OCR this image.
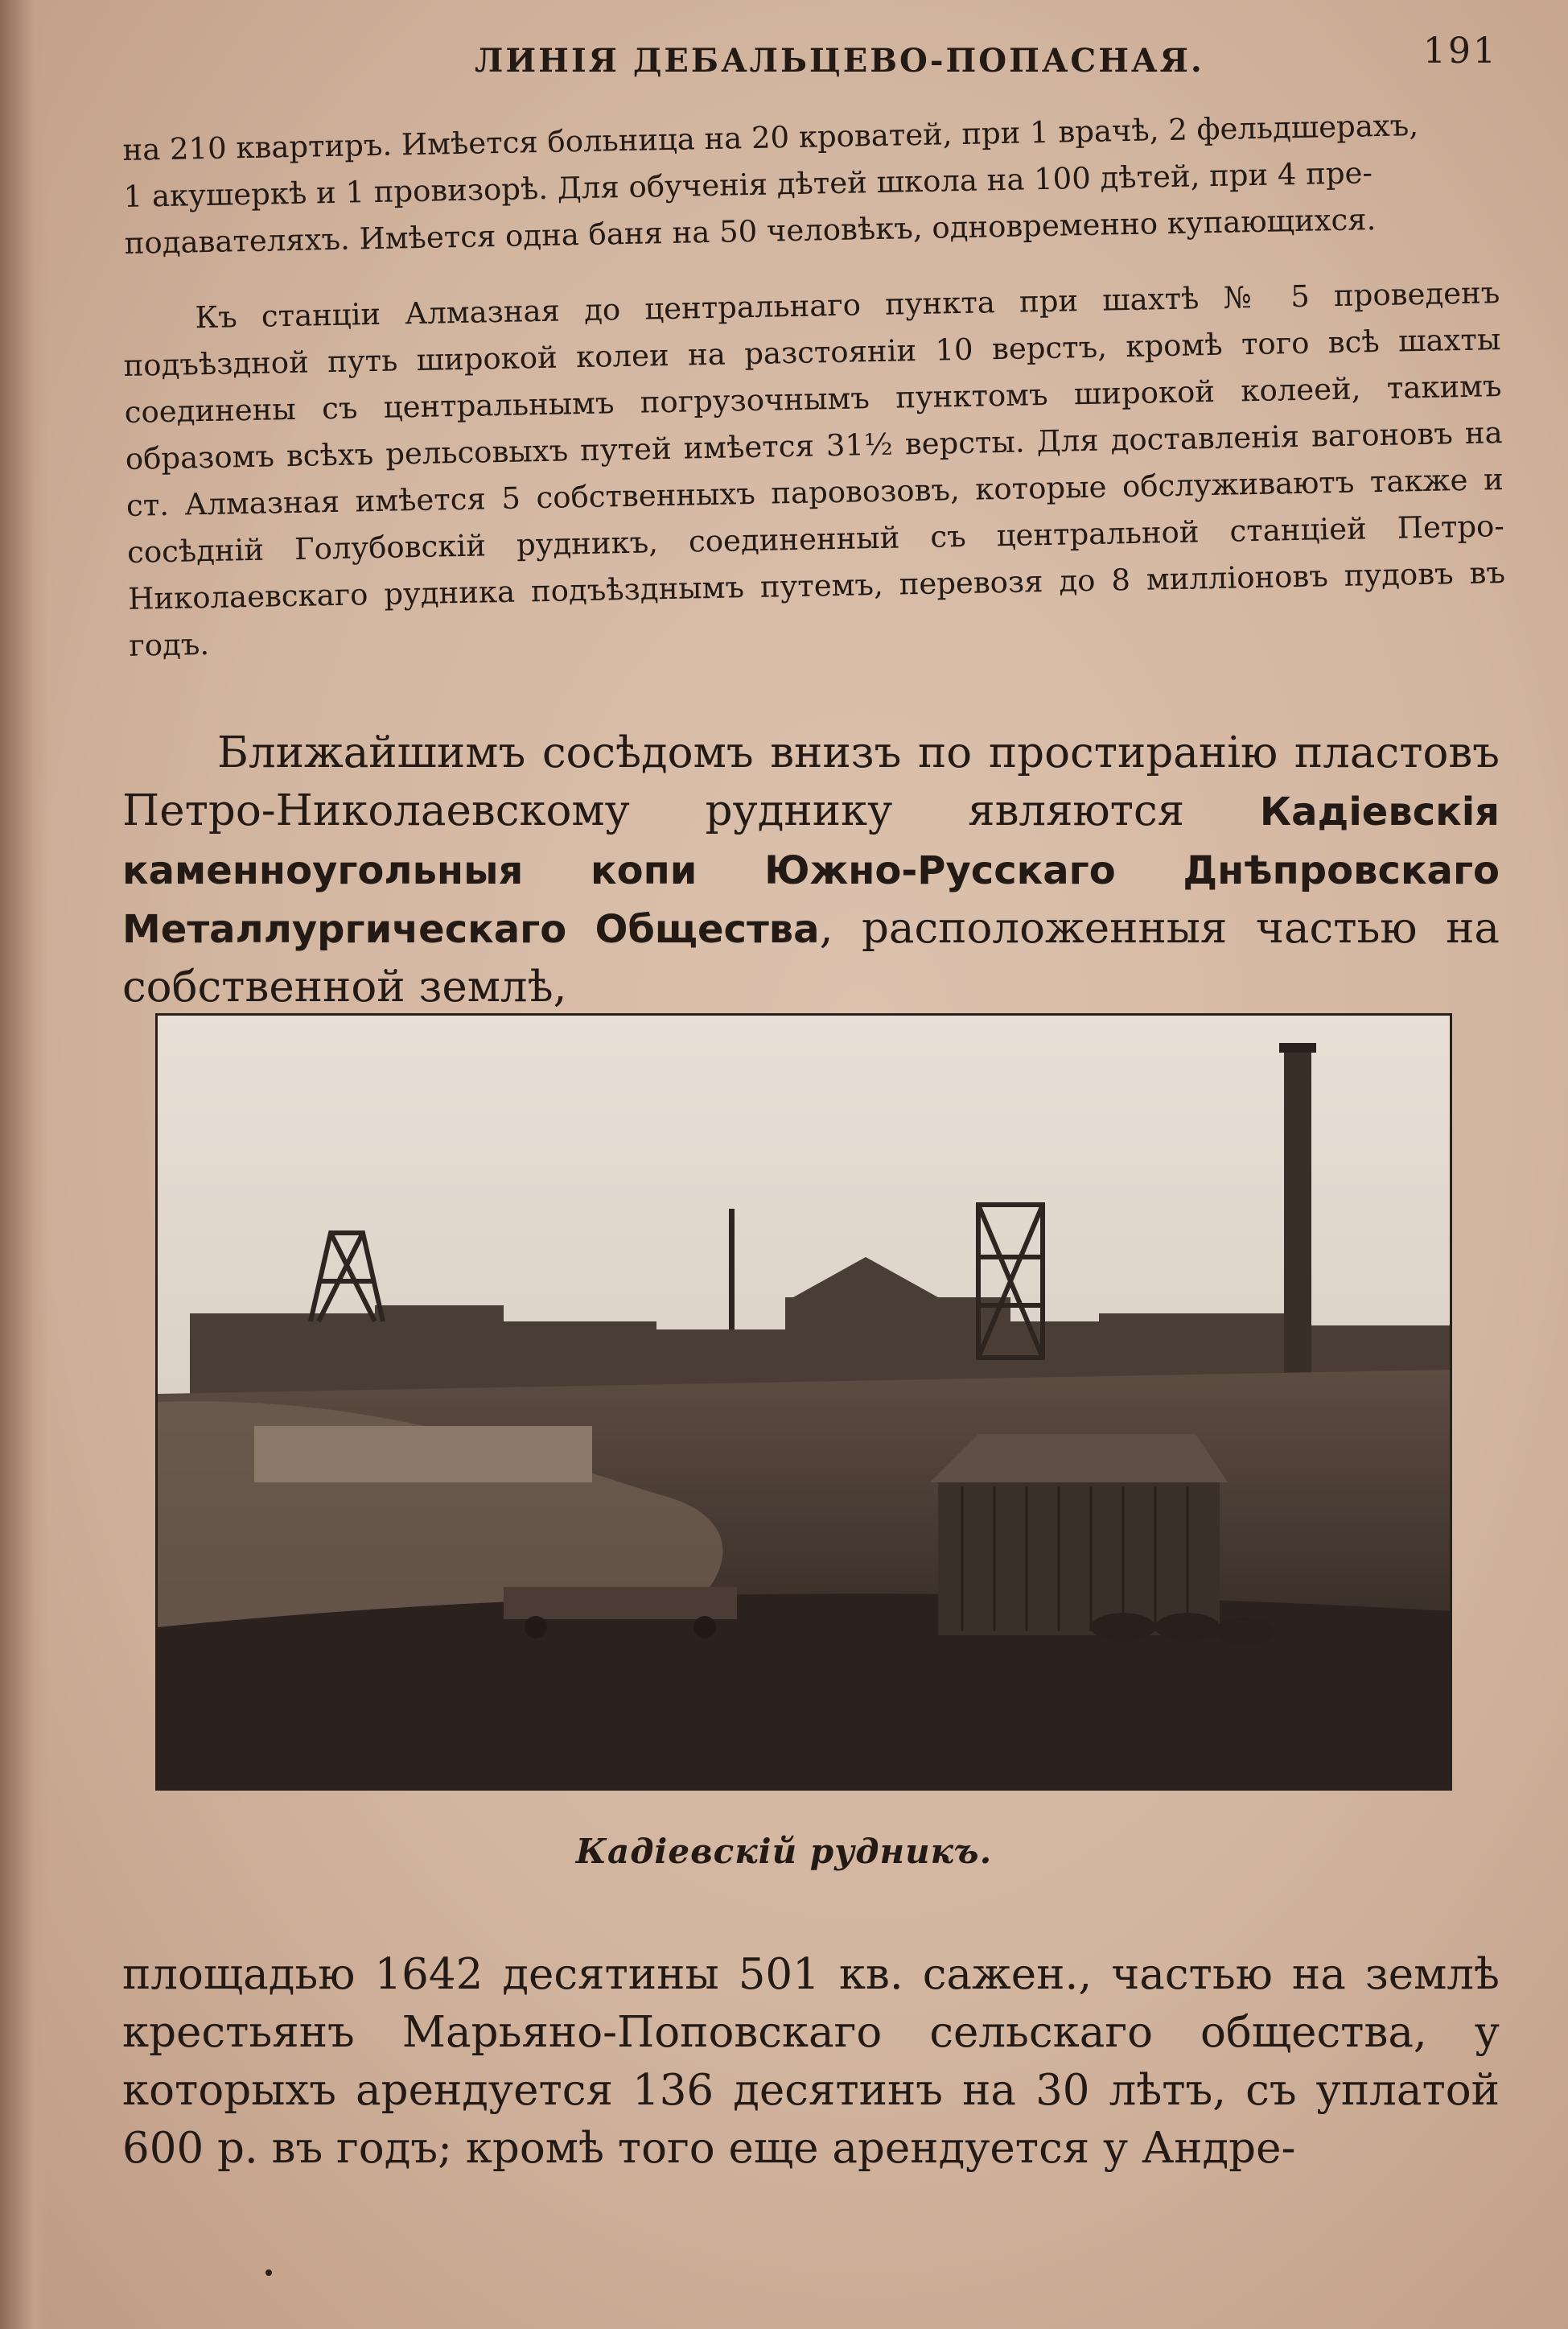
ЛИНІЯ ДЕБАЛЬЦЕВО-ПОПАСНАЯ.	191

на 210 квартиръ. Имѣется больница на 20 кроватей, при 1 врачѣ, 2 фельдшерахъ,

1 акушеркѣ и 1 провизорѣ. Для обученія дѣтей школа на 100 дѣтей, при 4 пре-

подавателяхъ. Имѣется одна баня на 50 человѣкъ, одновременно купающихся.

Къ станціи Алмазная до центральнаго пункта при шахтѣ № 5 проведенъ подъѣздной путь широкой колеи на разстояніи 10 верстъ, кромѣ того всѣ шахты соединены съ центральнымъ погрузочнымъ пунктомъ широкой колеей, такимъ образомъ всѣхъ рельсовыхъ путей имѣется 31½ версты. Для доставленія вагоновъ на ст. Алмазная имѣется 5 собственныхъ паровозовъ, которые обслуживаютъ также и сосѣдній Голубовскій рудникъ, соединенный съ центральной станціей Петро-Николаевскаго рудника подъѣзднымъ путемъ, перевозя до 8 миллiоновъ пудовъ въ годъ.

Ближайшимъ сосѣдомъ внизъ по простиранію пластовъ Петро-Николаевскому руднику являются Кадіевскія каменноугольныя копи Южно-Русскаго Днѣпровскаго Металлургическаго Общества, расположенныя частью на собственной землѣ,

Кадіевскій рудникъ.

площадью 1642 десятины 501 кв. сажен., частью на землѣ крестьянъ Марьяно-Поповскаго сельскаго общества, у которыхъ арендуется 136 десятинъ на 30 лѣтъ, съ уплатой 600 р. въ годъ; кромѣ того еще арендуется у Андре-
